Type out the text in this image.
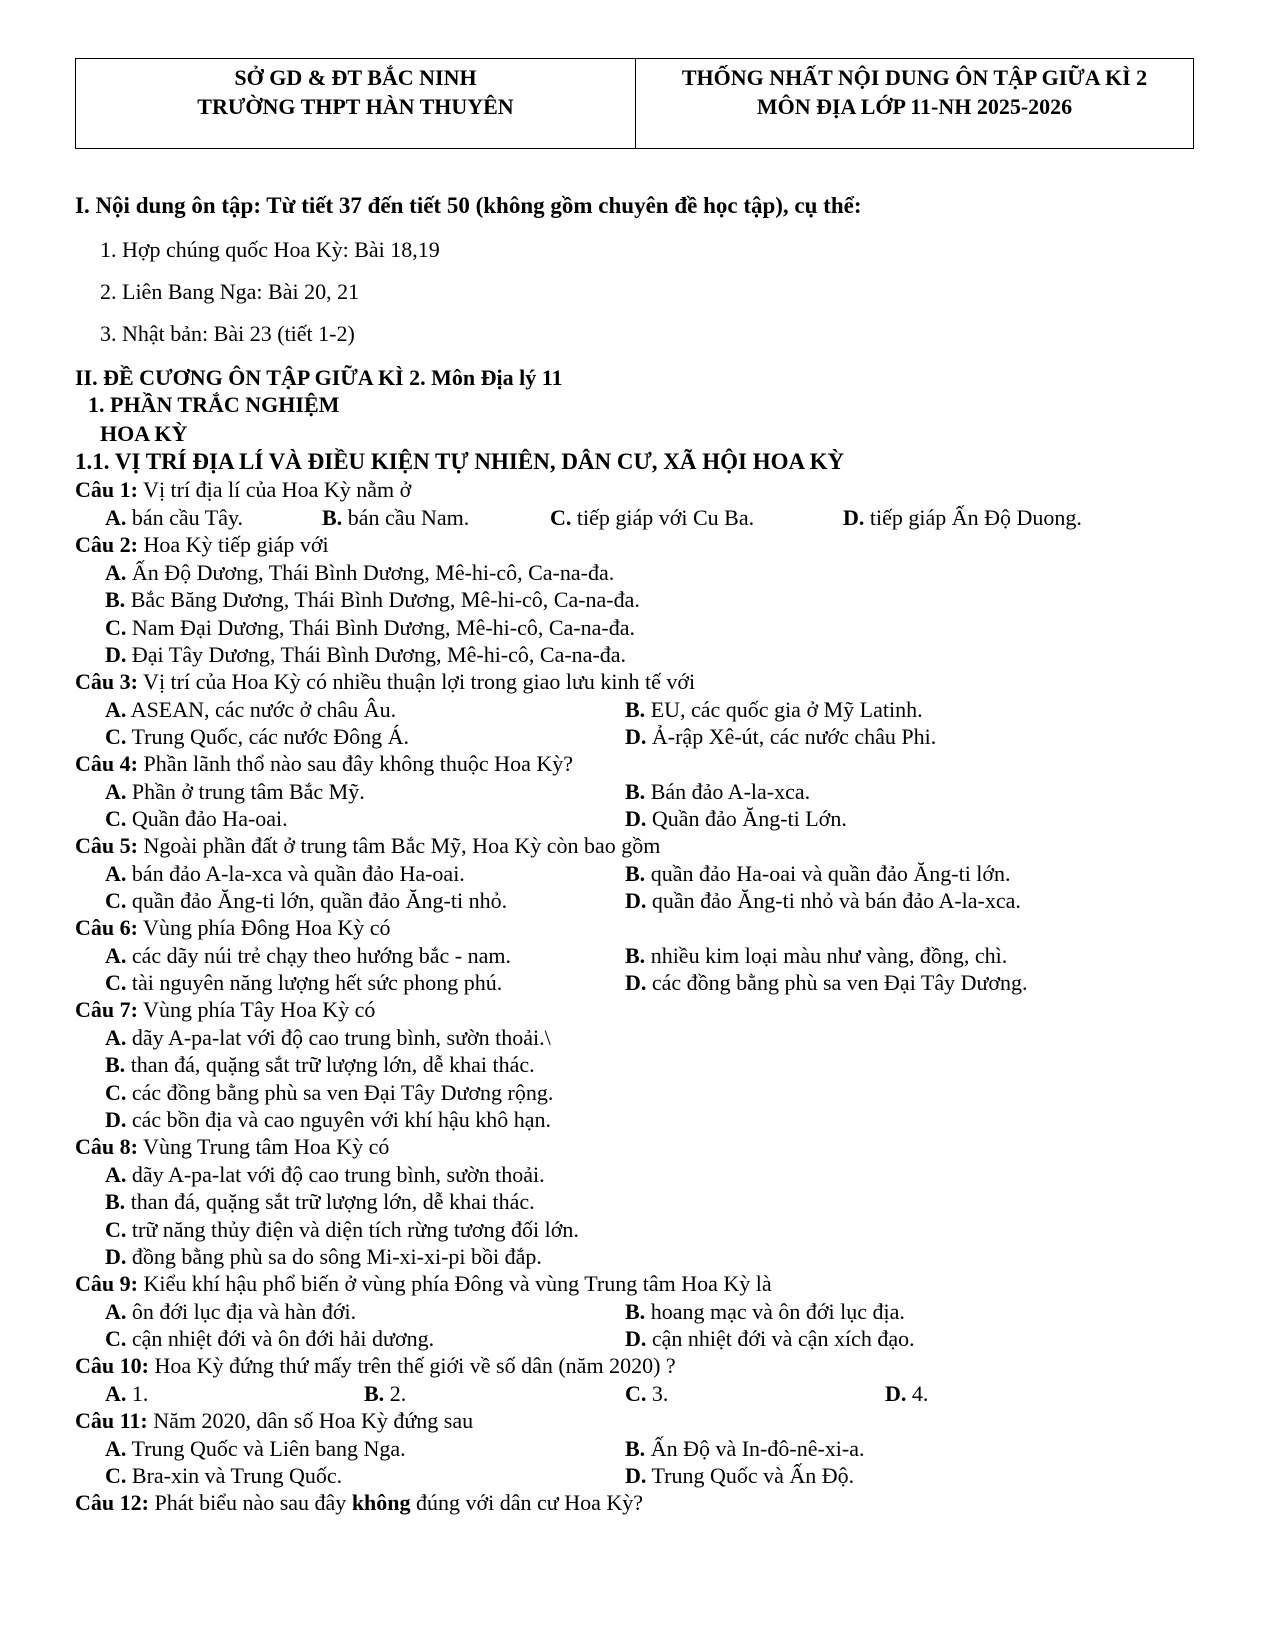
SỞ GD & ĐT BẮC NINH
TRƯỜNG THPT HÀN THUYÊN
THỐNG NHẤT NỘI DUNG ÔN TẬP GIỮA KÌ 2
MÔN ĐỊA LỚP 11-NH 2025-2026
I. Nội dung ôn tập: Từ tiết 37 đến tiết 50 (không gồm chuyên đề học tập), cụ thể:
1. Hợp chúng quốc Hoa Kỳ: Bài 18,19
2. Liên Bang Nga: Bài 20, 21
3. Nhật bản: Bài 23 (tiết 1-2)
II. ĐỀ CƯƠNG ÔN TẬP GIỮA KÌ 2. Môn Địa lý 11
1. PHẦN TRẮC NGHIỆM
HOA KỲ
1.1. VỊ TRÍ ĐỊA LÍ VÀ ĐIỀU KIỆN TỰ NHIÊN, DÂN CƯ, XÃ HỘI HOA KỲ
Câu 1: Vị trí địa lí của Hoa Kỳ nằm ở
A. bán cầu Tây.	B. bán cầu Nam.	C. tiếp giáp với Cu Ba.	D. tiếp giáp Ấn Độ Duong.
Câu 2: Hoa Kỳ tiếp giáp với
A. Ấn Độ Dương, Thái Bình Dương, Mê-hi-cô, Ca-na-đa.
B. Bắc Băng Dương, Thái Bình Dương, Mê-hi-cô, Ca-na-đa.
C. Nam Đại Dương, Thái Bình Dương, Mê-hi-cô, Ca-na-đa.
D. Đại Tây Dương, Thái Bình Dương, Mê-hi-cô, Ca-na-đa.
Câu 3: Vị trí của Hoa Kỳ có nhiều thuận lợi trong giao lưu kinh tế với
A. ASEAN, các nước ở châu Âu.	B. EU, các quốc gia ở Mỹ Latinh.
C. Trung Quốc, các nước Đông Á.	D. Ả-rập Xê-út, các nước châu Phi.
Câu 4: Phần lãnh thổ nào sau đây không thuộc Hoa Kỳ?
A. Phần ở trung tâm Bắc Mỹ.	B. Bán đảo A-la-xca.
C. Quần đảo Ha-oai.	D. Quần đảo Ăng-ti Lớn.
Câu 5: Ngoài phần đất ở trung tâm Bắc Mỹ, Hoa Kỳ còn bao gồm
A. bán đảo A-la-xca và quần đảo Ha-oai.	B. quần đảo Ha-oai và quần đảo Ăng-ti lớn.
C. quần đảo Ăng-ti lớn, quần đảo Ăng-ti nhỏ.	D. quần đảo Ăng-ti nhỏ và bán đảo A-la-xca.
Câu 6: Vùng phía Đông Hoa Kỳ có
A. các dãy núi trẻ chạy theo hướng bắc - nam.	B. nhiều kim loại màu như vàng, đồng, chì.
C. tài nguyên năng lượng hết sức phong phú.	D. các đồng bằng phù sa ven Đại Tây Dương.
Câu 7: Vùng phía Tây Hoa Kỳ có
A. dãy A-pa-lat với độ cao trung bình, sườn thoải.\
B. than đá, quặng sắt trữ lượng lớn, dễ khai thác.
C. các đồng bằng phù sa ven Đại Tây Dương rộng.
D. các bồn địa và cao nguyên với khí hậu khô hạn.
Câu 8: Vùng Trung tâm Hoa Kỳ có
A. dãy A-pa-lat với độ cao trung bình, sườn thoải.
B. than đá, quặng sắt trữ lượng lớn, dễ khai thác.
C. trữ năng thủy điện và diện tích rừng tương đối lớn.
D. đồng bằng phù sa do sông Mi-xi-xi-pi bồi đắp.
Câu 9: Kiểu khí hậu phổ biến ở vùng phía Đông và vùng Trung tâm Hoa Kỳ là
A. ôn đới lục địa và hàn đới.	B. hoang mạc và ôn đới lục địa.
C. cận nhiệt đới và ôn đới hải dương.	D. cận nhiệt đới và cận xích đạo.
Câu 10: Hoa Kỳ đứng thứ mấy trên thế giới về số dân (năm 2020) ?
A. 1.	B. 2.	C. 3.	D. 4.
Câu 11: Năm 2020, dân số Hoa Kỳ đứng sau
A. Trung Quốc và Liên bang Nga.	B. Ấn Độ và In-đô-nê-xi-a.
C. Bra-xin và Trung Quốc.	D. Trung Quốc và Ấn Độ.
Câu 12: Phát biểu nào sau đây không đúng với dân cư Hoa Kỳ?
